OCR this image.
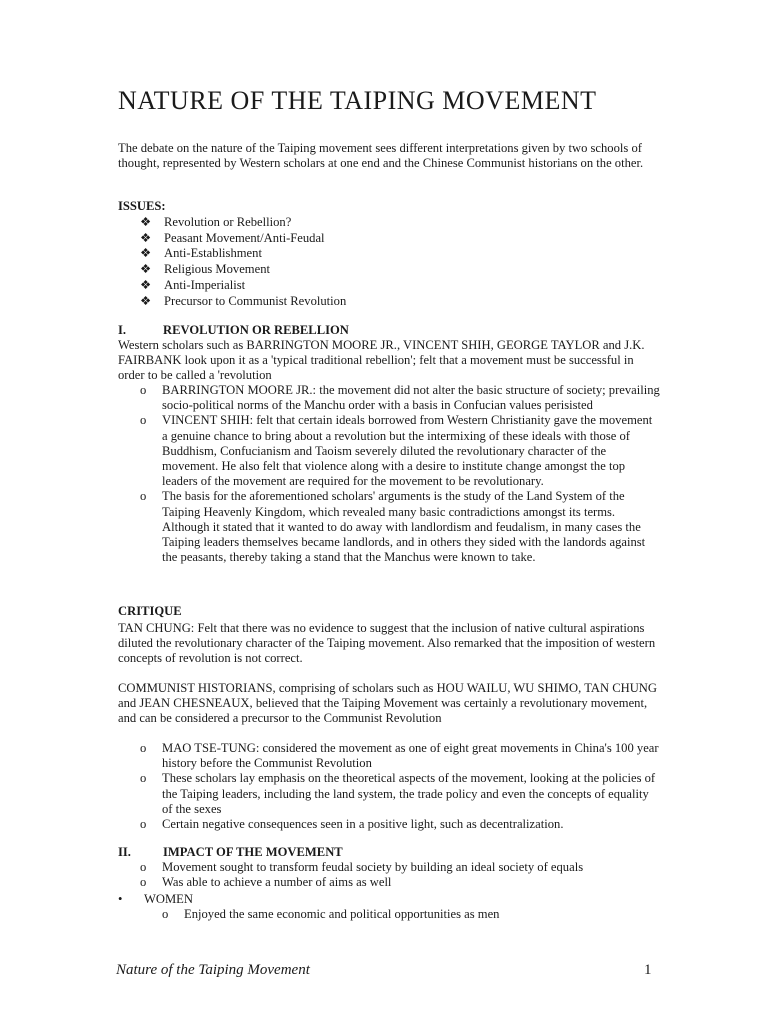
NATURE OF THE TAIPING MOVEMENT

The debate on the nature of the Taiping movement sees different interpretations given by two schools of thought, represented by Western scholars at one end and the Chinese Communist historians on the other.

ISSUES:
❖	Revolution or Rebellion?
❖	Peasant Movement/Anti-Feudal
❖	Anti-Establishment
❖	Religious Movement
❖	Anti-Imperialist
❖	Precursor to Communist Revolution
I.	REVOLUTION OR REBELLION

Western scholars such as BARRINGTON MOORE JR., VINCENT SHIH, GEORGE TAYLOR and J.K. FAIRBANK look upon it as a 'typical traditional rebellion'; felt that a movement must be successful in order to be called a 'revolution

o	BARRINGTON MOORE JR.: the movement did not alter the basic structure of society; prevailing socio-political norms of the Manchu order with a basis in Confucian values perisisted
o	VINCENT SHIH: felt that certain ideals borrowed from Western Christianity gave the movement a genuine chance to bring about a revolution but the intermixing of these ideals with those of Buddhism, Confucianism and Taoism severely diluted the revolutionary character of the movement. He also felt that violence along with a desire to institute change amongst the top leaders of the movement are required for the movement to be revolutionary.
o	The basis for the aforementioned scholars' arguments is the study of the Land System of the Taiping Heavenly Kingdom, which revealed many basic contradictions amongst its terms. Although it stated that it wanted to do away with landlordism and feudalism, in many cases the Taiping leaders themselves became landlords, and in others they sided with the landords against the peasants, thereby taking a stand that the Manchus were known to take.
CRITIQUE

TAN CHUNG: Felt that there was no evidence to suggest that the inclusion of native cultural aspirations diluted the revolutionary character of the Taiping movement. Also remarked that the imposition of western concepts of revolution is not correct.

COMMUNIST HISTORIANS, comprising of scholars such as HOU WAILU, WU SHIMO, TAN CHUNG and JEAN CHESNEAUX, believed that the Taiping Movement was certainly a revolutionary movement, and can be considered a precursor to the Communist Revolution

o	MAO TSE-TUNG: considered the movement as one of eight great movements in China's 100 year history before the Communist Revolution
o	These scholars lay emphasis on the theoretical aspects of the movement, looking at the policies of the Taiping leaders, including the land system, the trade policy and even the concepts of equality of the sexes
o	Certain negative consequences seen in a positive light, such as decentralization.
II.	IMPACT OF THE MOVEMENT
o	Movement sought to transform feudal society by building an ideal society of equals
o	Was able to achieve a number of aims as well
•	WOMEN
o	Enjoyed the same economic and political opportunities as men
Nature of the Taiping Movement	1
